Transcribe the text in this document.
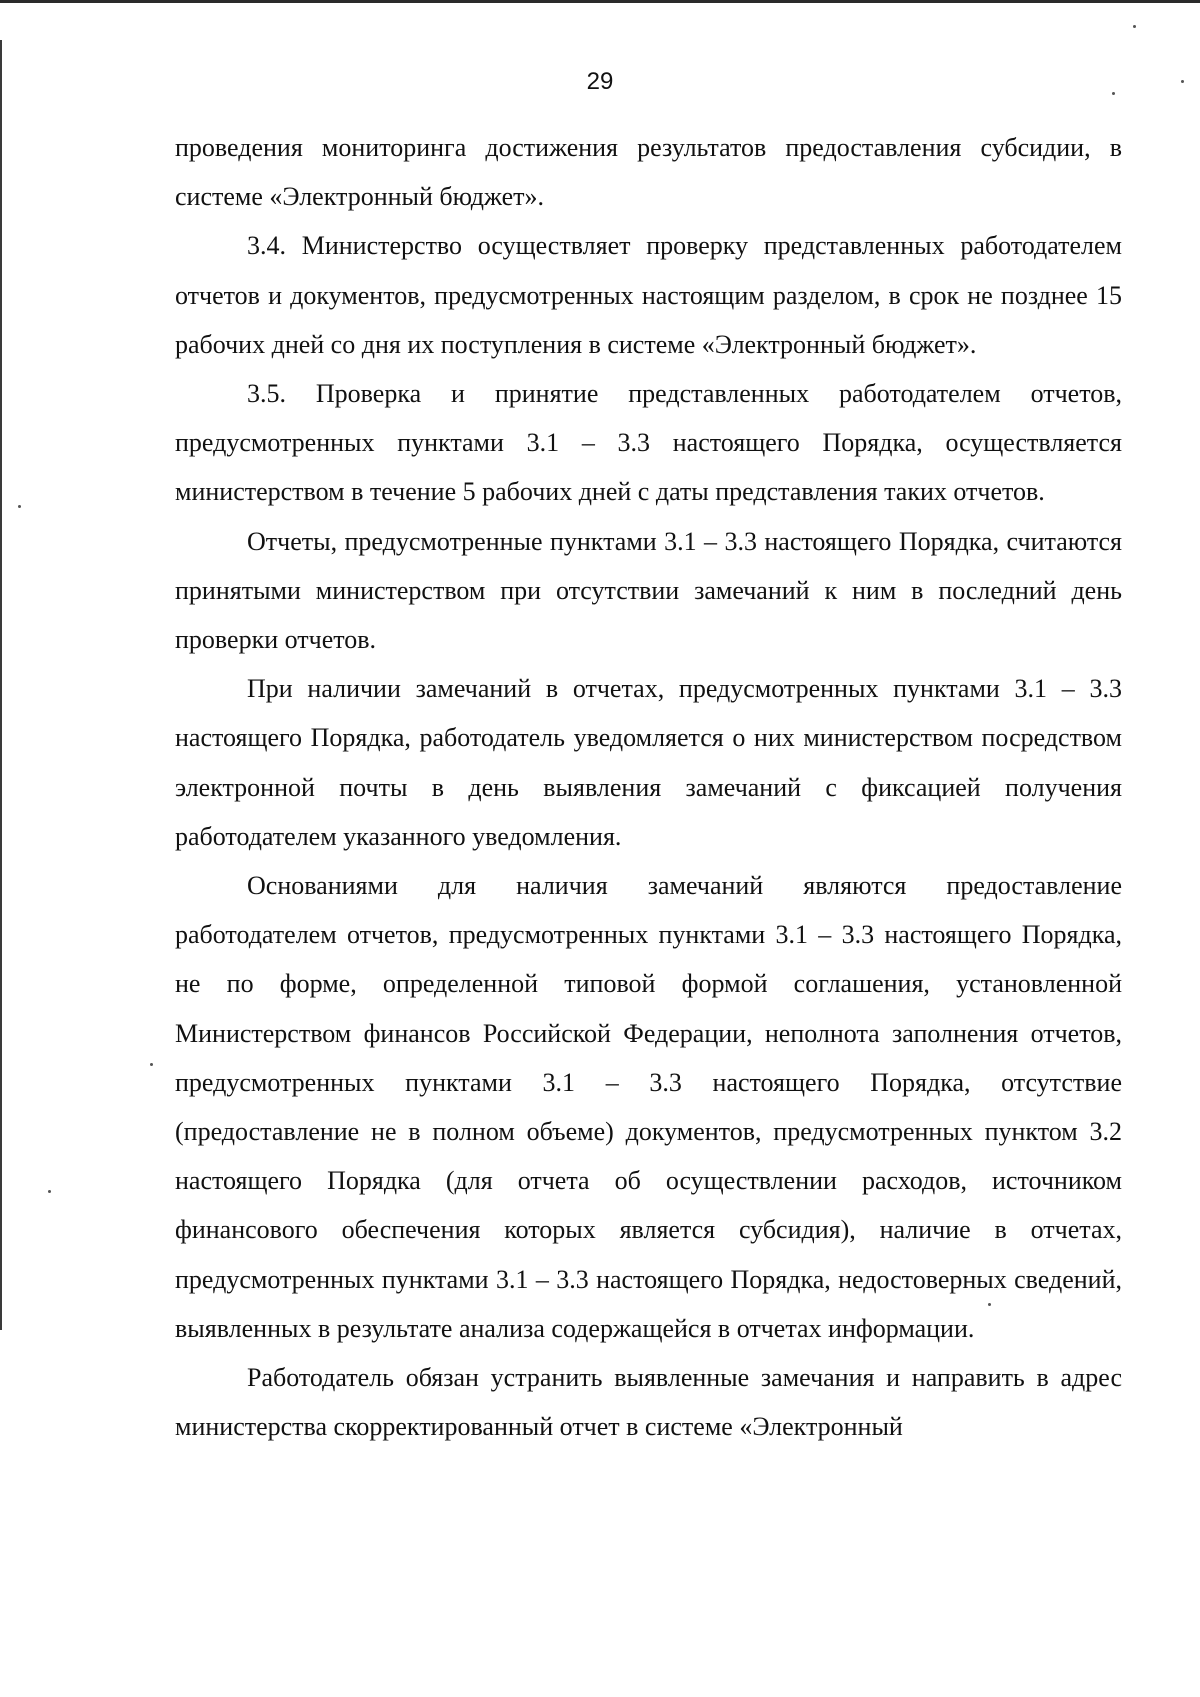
29

проведения мониторинга достижения результатов предоставления субсидии, в системе «Электронный бюджет».

3.4. Министерство осуществляет проверку представленных работодателем отчетов и документов, предусмотренных настоящим разделом, в срок не позднее 15 рабочих дней со дня их поступления в системе «Электронный бюджет».

3.5. Проверка и принятие представленных работодателем отчетов, предусмотренных пунктами 3.1 – 3.3 настоящего Порядка, осуществляется министерством в течение 5 рабочих дней с даты представления таких отчетов.

Отчеты, предусмотренные пунктами 3.1 – 3.3 настоящего Порядка, считаются принятыми министерством при отсутствии замечаний к ним в последний день проверки отчетов.

При наличии замечаний в отчетах, предусмотренных пунктами 3.1 – 3.3 настоящего Порядка, работодатель уведомляется о них министерством посредством электронной почты в день выявления замечаний с фиксацией получения работодателем указанного уведомления.

Основаниями для наличия замечаний являются предоставление работодателем отчетов, предусмотренных пунктами 3.1 – 3.3 настоящего Порядка, не по форме, определенной типовой формой соглашения, установленной Министерством финансов Российской Федерации, неполнота заполнения отчетов, предусмотренных пунктами 3.1 – 3.3 настоящего Порядка, отсутствие (предоставление не в полном объеме) документов, предусмотренных пунктом 3.2 настоящего Порядка (для отчета об осуществлении расходов, источником финансового обеспечения которых является субсидия), наличие в отчетах, предусмотренных пунктами 3.1 – 3.3 настоящего Порядка, недостоверных сведений, выявленных в результате анализа содержащейся в отчетах информации.

Работодатель обязан устранить выявленные замечания и направить в адрес министерства скорректированный отчет в системе «Электронный
